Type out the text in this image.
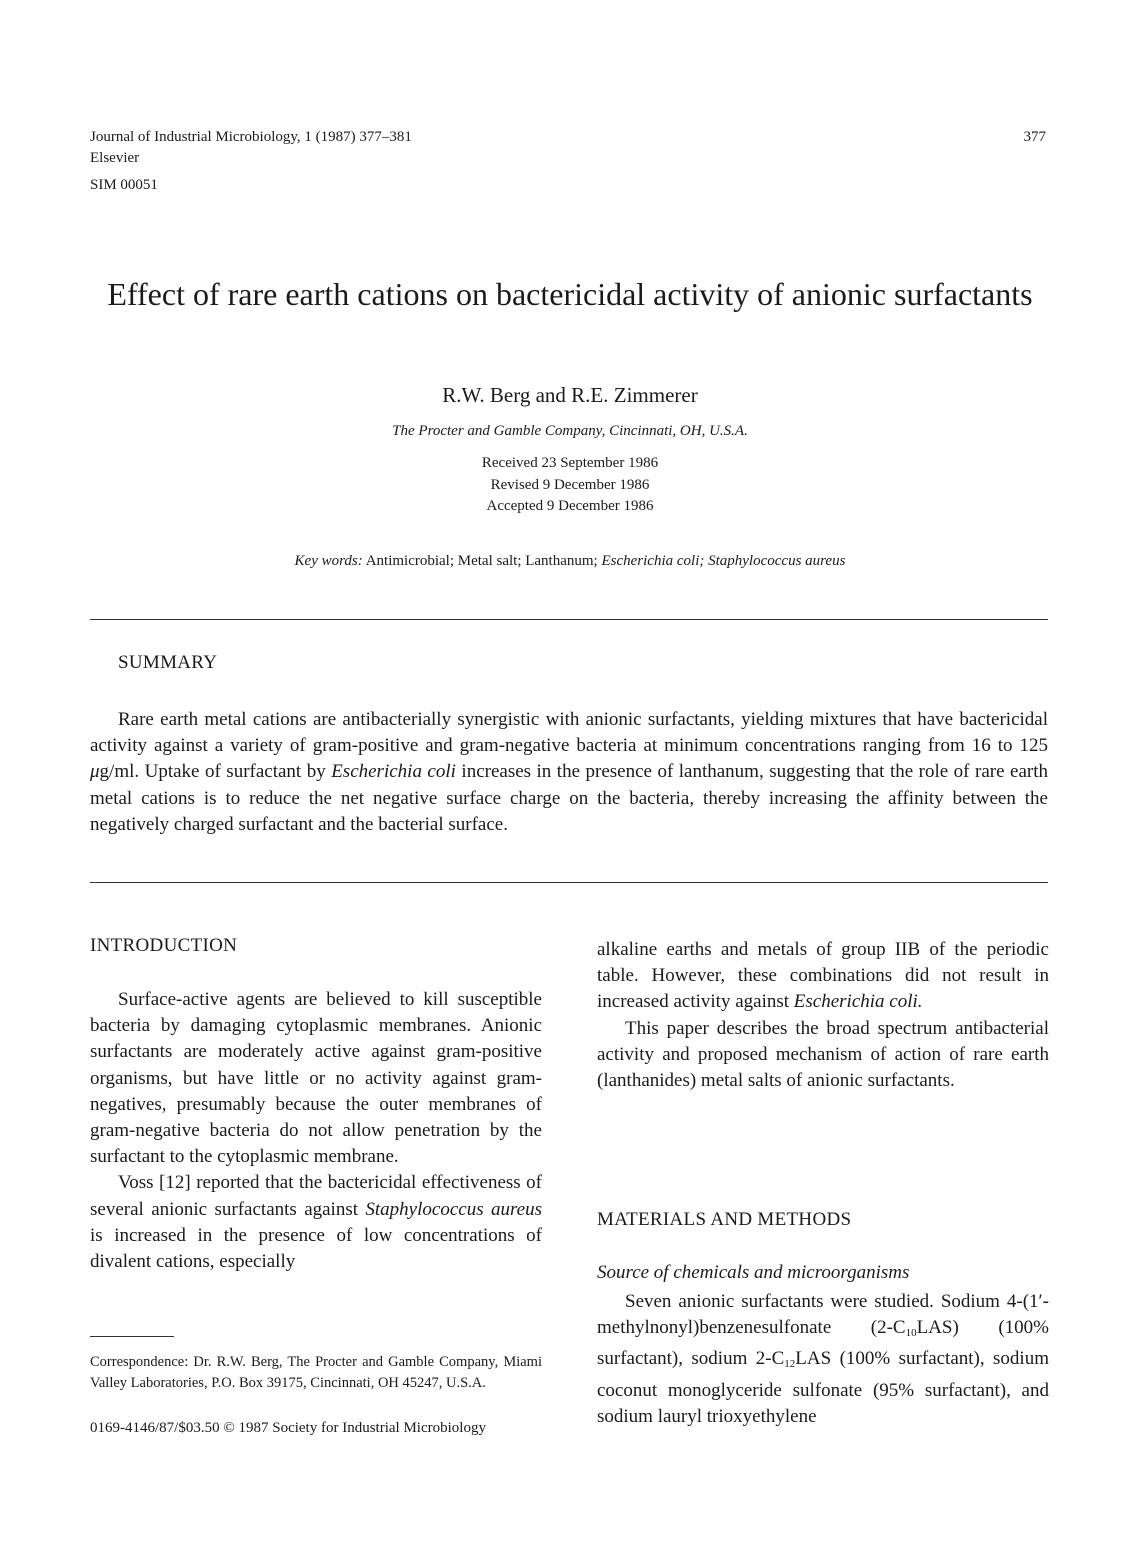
Journal of Industrial Microbiology, 1 (1987) 377–381
Elsevier
SIM 00051
377
Effect of rare earth cations on bactericidal activity of anionic surfactants
R.W. Berg and R.E. Zimmerer
The Procter and Gamble Company, Cincinnati, OH, U.S.A.
Received 23 September 1986
Revised 9 December 1986
Accepted 9 December 1986
Key words: Antimicrobial; Metal salt; Lanthanum; Escherichia coli; Staphylococcus aureus
SUMMARY
Rare earth metal cations are antibacterially synergistic with anionic surfactants, yielding mixtures that have bactericidal activity against a variety of gram-positive and gram-negative bacteria at minimum concentrations ranging from 16 to 125 μg/ml. Uptake of surfactant by Escherichia coli increases in the presence of lanthanum, suggesting that the role of rare earth metal cations is to reduce the net negative surface charge on the bacteria, thereby increasing the affinity between the negatively charged surfactant and the bacterial surface.
INTRODUCTION

Surface-active agents are believed to kill susceptible bacteria by damaging cytoplasmic membranes. Anionic surfactants are moderately active against gram-positive organisms, but have little or no activity against gram-negatives, presumably because the outer membranes of gram-negative bacteria do not allow penetration by the surfactant to the cytoplasmic membrane.

Voss [12] reported that the bactericidal effectiveness of several anionic surfactants against Staphylococcus aureus is increased in the presence of low concentrations of divalent cations, especially

Correspondence: Dr. R.W. Berg, The Procter and Gamble Company, Miami Valley Laboratories, P.O. Box 39175, Cincinnati, OH 45247, U.S.A.
0169-4146/87/$03.50 © 1987 Society for Industrial Microbiology

alkaline earths and metals of group IIB of the periodic table. However, these combinations did not result in increased activity against Escherichia coli.

This paper describes the broad spectrum antibacterial activity and proposed mechanism of action of rare earth (lanthanides) metal salts of anionic surfactants.

MATERIALS AND METHODS
Source of chemicals and microorganisms

Seven anionic surfactants were studied. Sodium 4-(1′-methylnonyl)benzenesulfonate $(2-C_{10}LAS)$ (100% surfactant), sodium $2-C_{12}LAS$ (100% surfactant), sodium coconut monoglyceride sulfonate (95% surfactant), and sodium lauryl trioxyethylene
